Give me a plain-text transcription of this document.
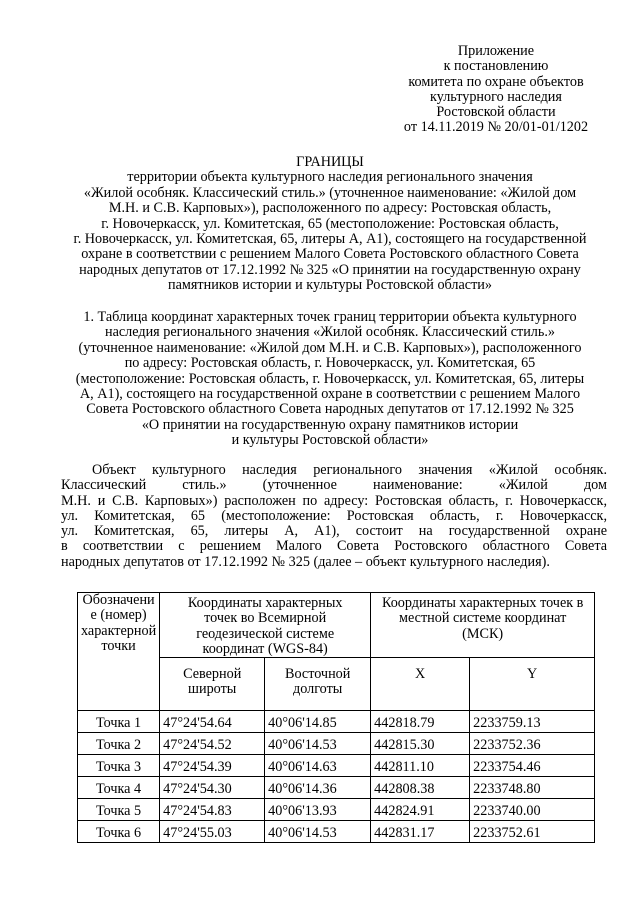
Приложение
к постановлению
комитета по охране объектов
культурного наследия
Ростовской области
от 14.11.2019 № 20/01-01/1202
ГРАНИЦЫ
территории объекта культурного наследия регионального значения
«Жилой особняк. Классический стиль.» (уточненное наименование: «Жилой дом
М.Н. и С.В. Карповых»), расположенного по адресу: Ростовская область,
г. Новочеркасск, ул. Комитетская, 65 (местоположение: Ростовская область,
г. Новочеркасск, ул. Комитетская, 65, литеры А, А1), состоящего на государственной
охране в соответствии с решением Малого Совета Ростовского областного Совета
народных депутатов от 17.12.1992 № 325 «О принятии на государственную охрану
памятников истории и культуры Ростовской области»
1. Таблица координат характерных точек границ территории объекта культурного
наследия регионального значения «Жилой особняк. Классический стиль.»
(уточненное наименование: «Жилой дом М.Н. и С.В. Карповых»), расположенного
по адресу: Ростовская область, г. Новочеркасск, ул. Комитетская, 65
(местоположение: Ростовская область, г. Новочеркасск, ул. Комитетская, 65, литеры
А, А1), состоящего на государственной охране в соответствии с решением Малого
Совета Ростовского областного Совета народных депутатов от 17.12.1992 № 325
«О принятии на государственную охрану памятников истории
и культуры Ростовской области»
Объект культурного наследия регионального значения «Жилой особняк.
Классический стиль.» (уточненное наименование: «Жилой дом
М.Н. и С.В. Карповых») расположен по адресу: Ростовская область, г. Новочеркасск,
ул. Комитетская, 65 (местоположение: Ростовская область, г. Новочеркасск,
ул. Комитетская, 65, литеры А, А1), состоит на государственной охране
в соответствии с решением Малого Совета Ростовского областного Совета
народных депутатов от 17.12.1992 № 325 (далее – объект культурного наследия).
Обозначени е (номер) характерной точки	Координаты характерных точек во Всемирной геодезической системе координат (WGS-84)		Координаты характерных точек в местной системе координат (МСК)	
	Северной широты	Восточной долготы	X	Y
Точка 1	47°24'54.64	40°06'14.85	442818.79	2233759.13
Точка 2	47°24'54.52	40°06'14.53	442815.30	2233752.36
Точка 3	47°24'54.39	40°06'14.63	442811.10	2233754.46
Точка 4	47°24'54.30	40°06'14.36	442808.38	2233748.80
Точка 5	47°24'54.83	40°06'13.93	442824.91	2233740.00
Точка 6	47°24'55.03	40°06'14.53	442831.17	2233752.61
